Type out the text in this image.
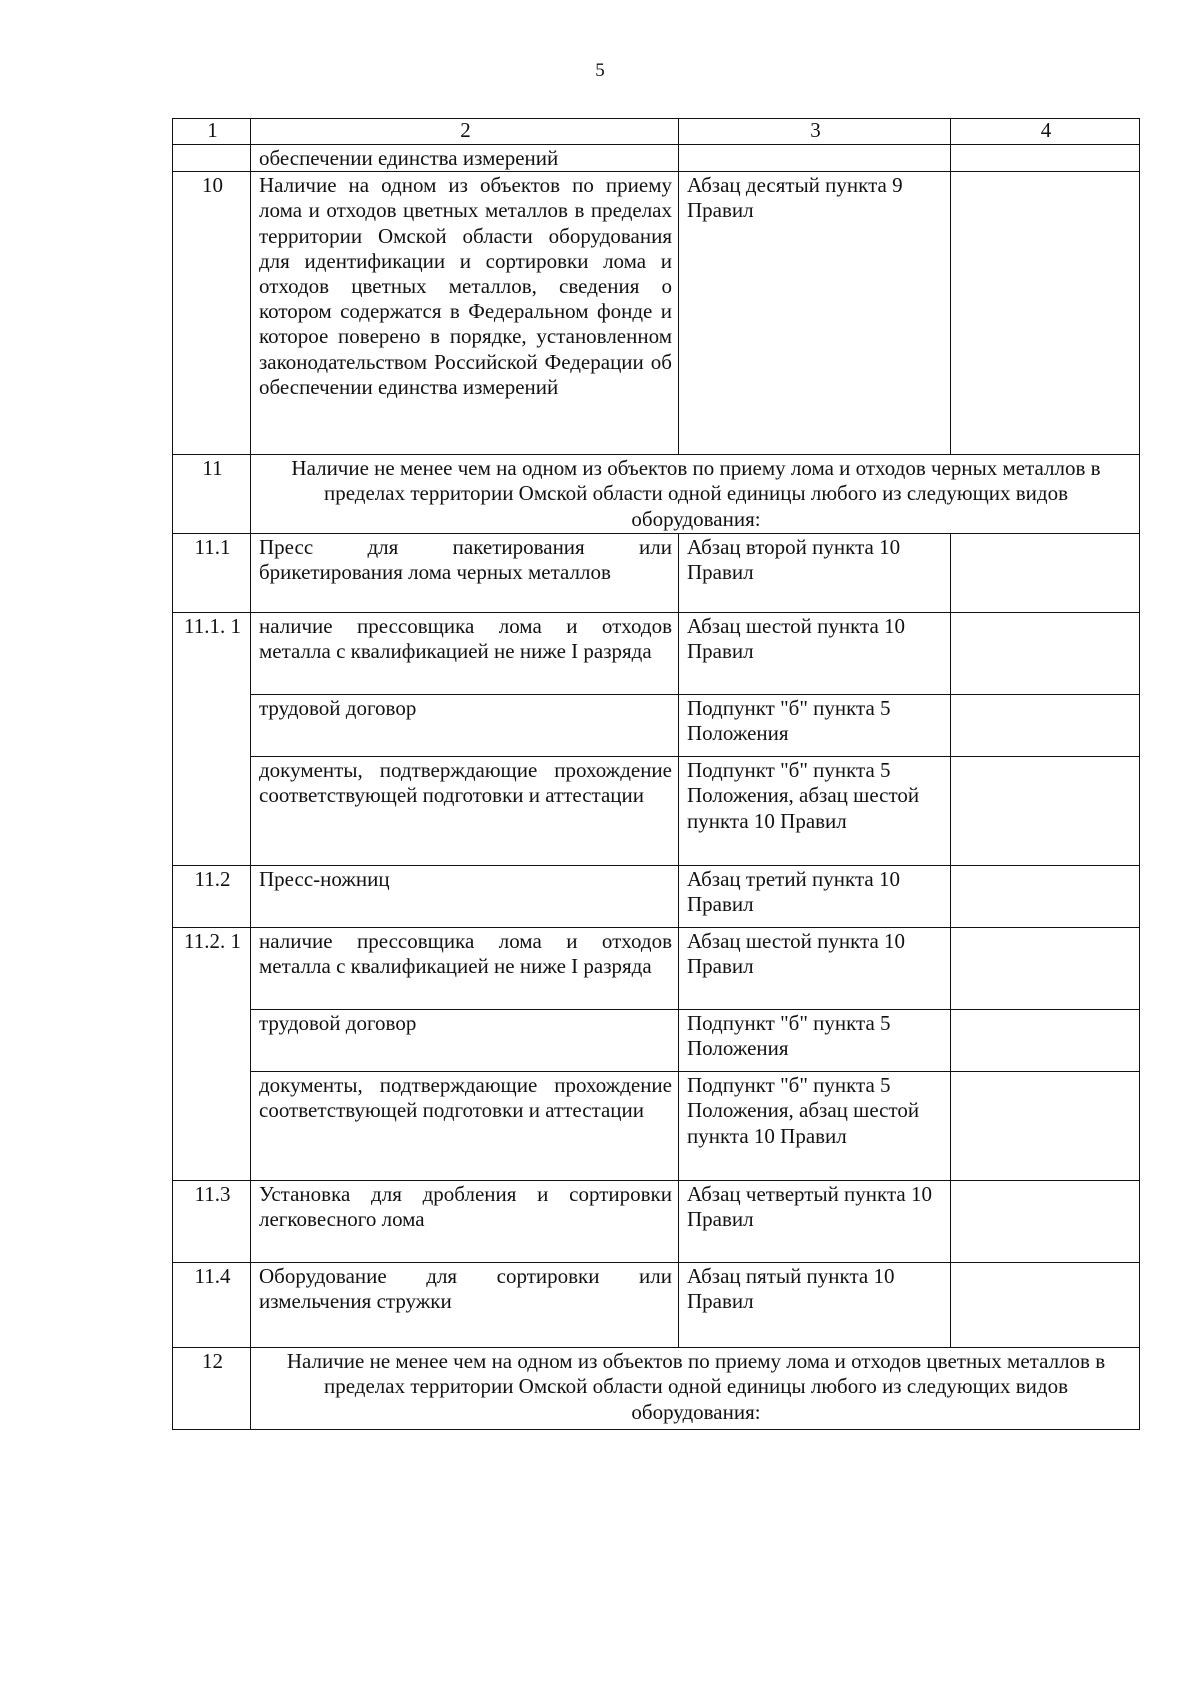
5
1	2	3	4
	обеспечении единства измерений		
10	Наличие на одном из объектов по приему лома и отходов цветных металлов в пределах территории Омской области оборудования для идентификации и сортировки лома и отходов цветных металлов, сведения о котором содержатся в Федеральном фонде и которое поверено в порядке, установленном законодательством Российской Федерации об обеспечении единства измерений	Абзац десятый пункта 9 Правил	
11	Наличие не менее чем на одном из объектов по приему лома и отходов черных металлов в пределах территории Омской области одной единицы любого из следующих видов оборудования:		
11.1	Пресс для пакетирования или брикетирования лома черных металлов	Абзац второй пункта 10 Правил	
11.1. 1	наличие прессовщика лома и отходов металла с квалификацией не ниже I разряда	Абзац шестой пункта 10 Правил	
	трудовой договор	Подпункт "б" пункта 5 Положения	
	документы, подтверждающие прохождение соответствующей подготовки и аттестации	Подпункт "б" пункта 5 Положения, абзац шестой пункта 10 Правил	
11.2	Пресс-ножниц	Абзац третий пункта 10 Правил	
11.2. 1	наличие прессовщика лома и отходов металла с квалификацией не ниже I разряда	Абзац шестой пункта 10 Правил	
	трудовой договор	Подпункт "б" пункта 5 Положения	
	документы, подтверждающие прохождение соответствующей подготовки и аттестации	Подпункт "б" пункта 5 Положения, абзац шестой пункта 10 Правил	
11.3	Установка для дробления и сортировки легковесного лома	Абзац четвертый пункта 10 Правил	
11.4	Оборудование для сортировки или измельчения стружки	Абзац пятый пункта 10 Правил	
12	Наличие не менее чем на одном из объектов по приему лома и отходов цветных металлов в пределах территории Омской области одной единицы любого из следующих видов оборудования:		
